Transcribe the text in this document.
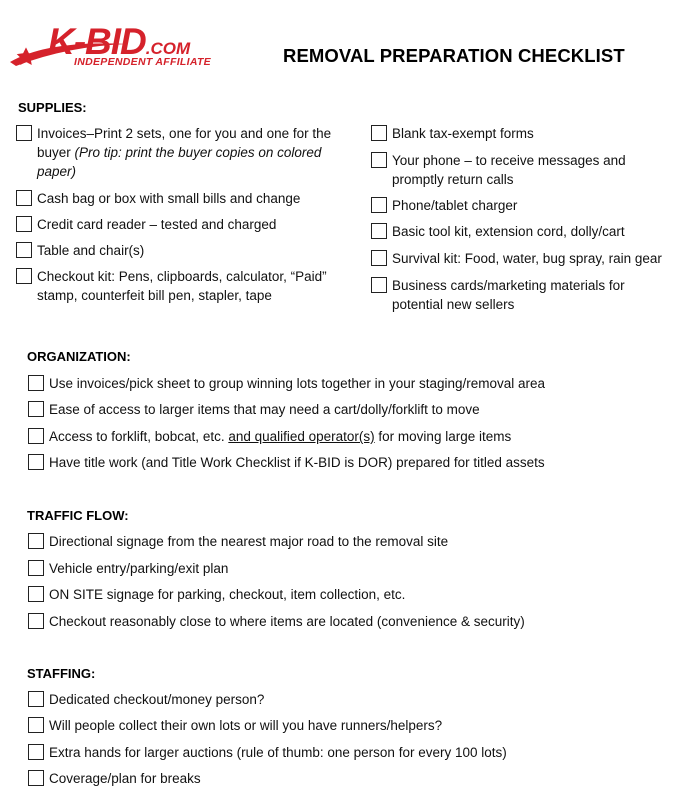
K-BID.COM
INDEPENDENT AFFILIATE	REMOVAL PREPARATION CHECKLIST
SUPPLIES:
Invoices–Print 2 sets, one for you and one for the buyer (Pro tip: print the buyer copies on colored paper)
Cash bag or box with small bills and change
Credit card reader – tested and charged
Table and chair(s)
Checkout kit: Pens, clipboards, calculator, “Paid” stamp, counterfeit bill pen, stapler, tape
Blank tax-exempt forms
Your phone – to receive messages and promptly return calls
Phone/tablet charger
Basic tool kit, extension cord, dolly/cart
Survival kit: Food, water, bug spray, rain gear
Business cards/marketing materials for potential new sellers
ORGANIZATION:
Use invoices/pick sheet to group winning lots together in your staging/removal area
Ease of access to larger items that may need a cart/dolly/forklift to move
Access to forklift, bobcat, etc. and qualified operator(s) for moving large items
Have title work (and Title Work Checklist if K-BID is DOR) prepared for titled assets
TRAFFIC FLOW:
Directional signage from the nearest major road to the removal site
Vehicle entry/parking/exit plan
ON SITE signage for parking, checkout, item collection, etc.
Checkout reasonably close to where items are located (convenience & security)
STAFFING:
Dedicated checkout/money person?
Will people collect their own lots or will you have runners/helpers?
Extra hands for larger auctions (rule of thumb: one person for every 100 lots)
Coverage/plan for breaks
